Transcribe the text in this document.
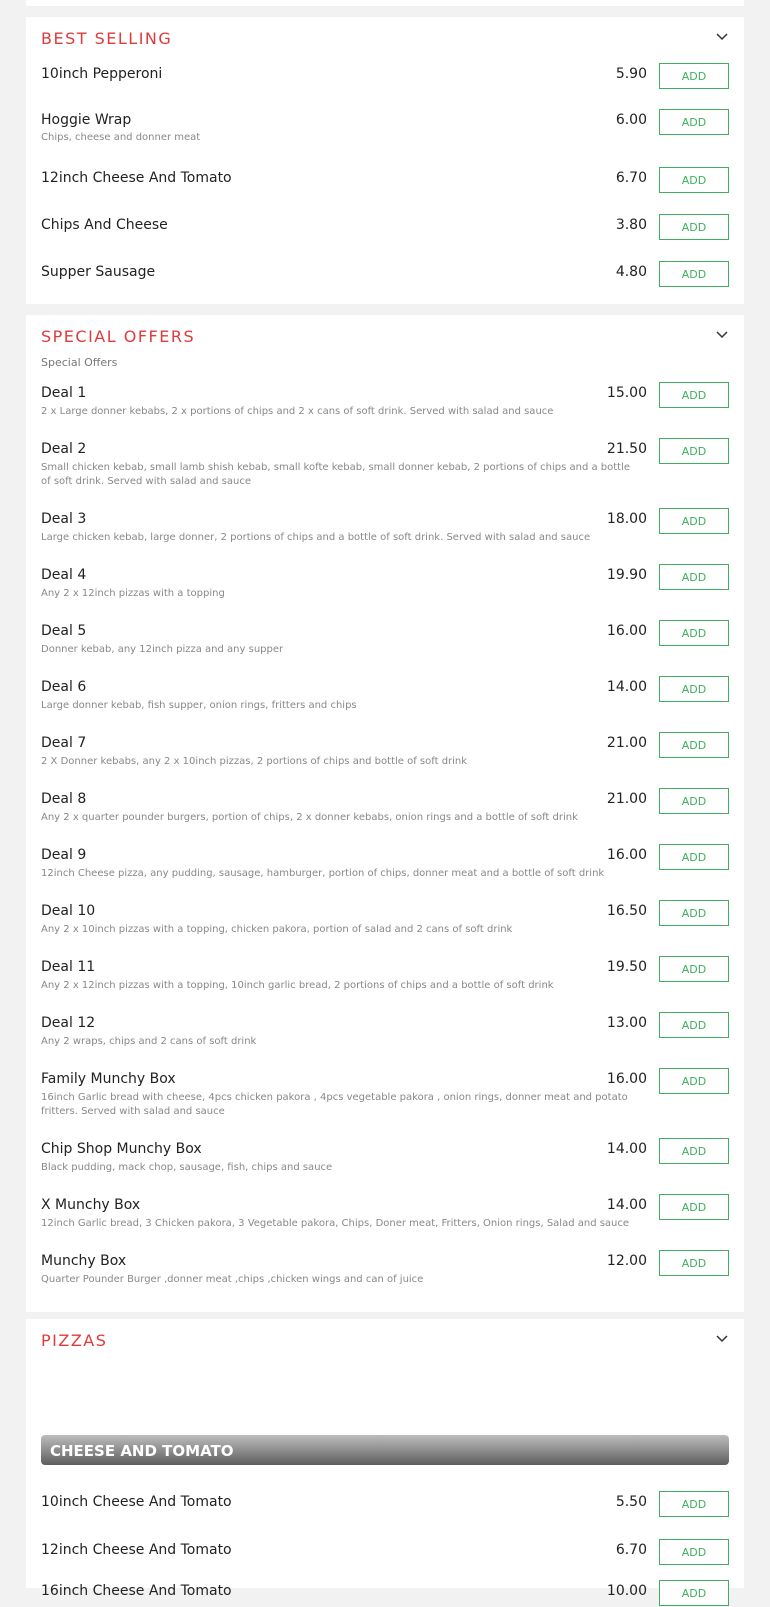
BEST SELLING
10inch Pepperoni	5.90	ADD
Hoggie Wrap
Chips, cheese and donner meat
6.00	ADD
12inch Cheese And Tomato	6.70	ADD
Chips And Cheese	3.80	ADD
Supper Sausage	4.80	ADD
SPECIAL OFFERS
Special Offers
Deal 1
2 x Large donner kebabs, 2 x portions of chips and 2 x cans of soft drink. Served with salad and sauce
15.00	ADD
Deal 2
Small chicken kebab, small lamb shish kebab, small kofte kebab, small donner kebab, 2 portions of chips and a bottle of soft drink. Served with salad and sauce
21.50	ADD
Deal 3
Large chicken kebab, large donner, 2 portions of chips and a bottle of soft drink. Served with salad and sauce
18.00	ADD
Deal 4
Any 2 x 12inch pizzas with a topping
19.90	ADD
Deal 5
Donner kebab, any 12inch pizza and any supper
16.00	ADD
Deal 6
Large donner kebab, fish supper, onion rings, fritters and chips
14.00	ADD
Deal 7
2 X Donner kebabs, any 2 x 10inch pizzas, 2 portions of chips and bottle of soft drink
21.00	ADD
Deal 8
Any 2 x quarter pounder burgers, portion of chips, 2 x donner kebabs, onion rings and a bottle of soft drink
21.00	ADD
Deal 9
12inch Cheese pizza, any pudding, sausage, hamburger, portion of chips, donner meat and a bottle of soft drink
16.00	ADD
Deal 10
Any 2 x 10inch pizzas with a topping, chicken pakora, portion of salad and 2 cans of soft drink
16.50	ADD
Deal 11
Any 2 x 12inch pizzas with a topping, 10inch garlic bread, 2 portions of chips and a bottle of soft drink
19.50	ADD
Deal 12
Any 2 wraps, chips and 2 cans of soft drink
13.00	ADD
Family Munchy Box
16inch Garlic bread with cheese, 4pcs chicken pakora , 4pcs vegetable pakora , onion rings, donner meat and potato fritters. Served with salad and sauce
16.00	ADD
Chip Shop Munchy Box
Black pudding, mack chop, sausage, fish, chips and sauce
14.00	ADD
X Munchy Box
12inch Garlic bread, 3 Chicken pakora, 3 Vegetable pakora, Chips, Doner meat, Fritters, Onion rings, Salad and sauce
14.00	ADD
Munchy Box
Quarter Pounder Burger ,donner meat ,chips ,chicken wings and can of juice
12.00	ADD
PIZZAS
CHEESE AND TOMATO
10inch Cheese And Tomato	5.50	ADD
12inch Cheese And Tomato	6.70	ADD
16inch Cheese And Tomato	10.00	ADD
